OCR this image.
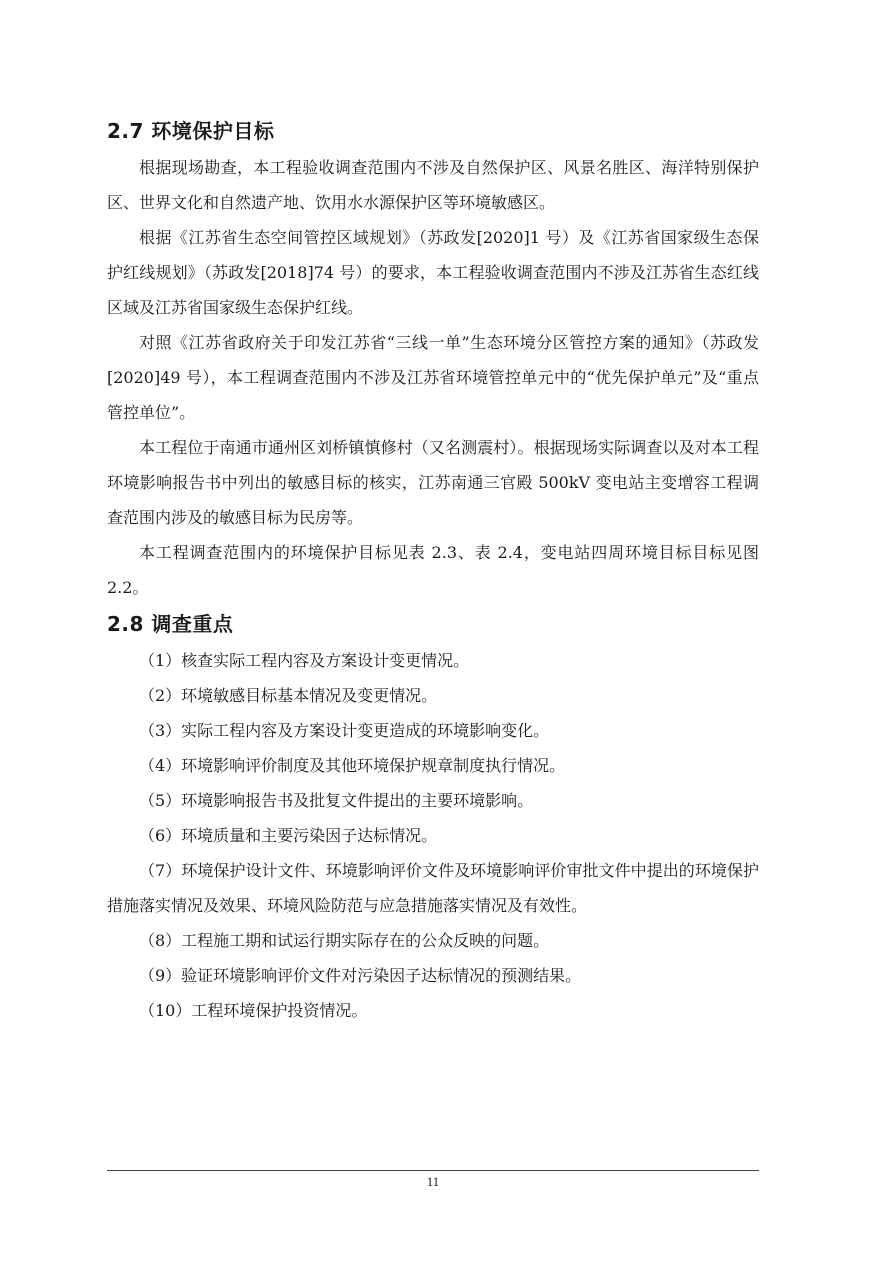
2.7 环境保护目标

根据现场勘查，本工程验收调查范围内不涉及自然保护区、风景名胜区、海洋特别保护区、世界文化和自然遗产地、饮用水水源保护区等环境敏感区。

根据《江苏省生态空间管控区域规划》（苏政发[2020]1 号）及《江苏省国家级生态保护红线规划》（苏政发[2018]74 号）的要求，本工程验收调查范围内不涉及江苏省生态红线区域及江苏省国家级生态保护红线。

对照《江苏省政府关于印发江苏省“三线一单”生态环境分区管控方案的通知》（苏政发[2020]49 号），本工程调查范围内不涉及江苏省环境管控单元中的“优先保护单元”及“重点管控单位”。

本工程位于南通市通州区刘桥镇慎修村（又名测震村）。根据现场实际调查以及对本工程环境影响报告书中列出的敏感目标的核实，江苏南通三官殿 500kV 变电站主变增容工程调查范围内涉及的敏感目标为民房等。

本工程调查范围内的环境保护目标见表 2.3、表 2.4，变电站四周环境目标目标见图 2.2。

2.8 调查重点
（1）核查实际工程内容及方案设计变更情况。
（2）环境敏感目标基本情况及变更情况。
（3）实际工程内容及方案设计变更造成的环境影响变化。
（4）环境影响评价制度及其他环境保护规章制度执行情况。
（5）环境影响报告书及批复文件提出的主要环境影响。
（6）环境质量和主要污染因子达标情况。
（7）环境保护设计文件、环境影响评价文件及环境影响评价审批文件中提出的环境保护措施落实情况及效果、环境风险防范与应急措施落实情况及有效性。
（8）工程施工期和试运行期实际存在的公众反映的问题。
（9）验证环境影响评价文件对污染因子达标情况的预测结果。
（10）工程环境保护投资情况。
11
